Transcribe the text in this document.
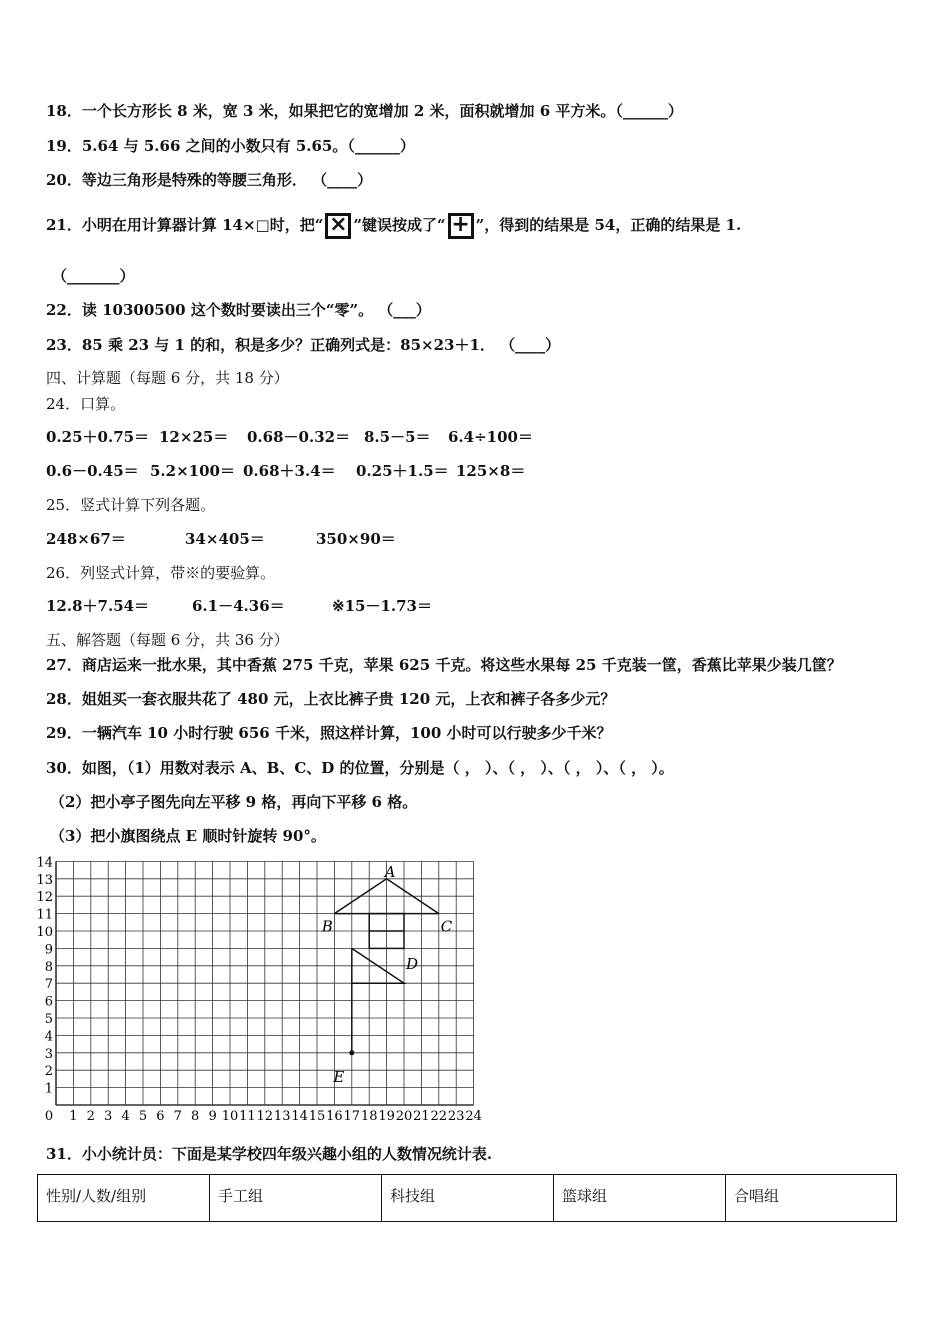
18．一个长方形长 8 米，宽 3 米，如果把它的宽增加 2 米，面积就增加 6 平方米。（______）
19．5.64 与 5.66 之间的小数只有 5.65。（______）
20．等边三角形是特殊的等腰三角形． （____）
21．小明在用计算器计算 14×□时，把“ × ”键误按成了“ + ”，得到的结果是 54，正确的结果是 1.
（_______）
22．读 10300500 这个数时要读出三个“零”。 （___）
23．85 乘 23 与 1 的和，积是多少？正确列式是：85×23＋1． （____）
四、计算题（每题 6 分，共 18 分）
24．口算。
0.25＋0.75＝ 12×25＝ 0.68－0.32＝ 8.5－5＝ 6.4÷100＝
0.6－0.45＝ 5.2×100＝ 0.68＋3.4＝ 0.25＋1.5＝ 125×8＝
25．竖式计算下列各题。
248×67＝	34×405＝	350×90＝
26．列竖式计算，带※的要验算。
12.8＋7.54＝	6.1－4.36＝	※15－1.73＝
五、解答题（每题 6 分，共 36 分）
27．商店运来一批水果，其中香蕉 275 千克，苹果 625 千克。将这些水果每 25 千克装一筐，香蕉比苹果少装几筐？
28．姐姐买一套衣服共花了 480 元，上衣比裤子贵 120 元，上衣和裤子各多少元？
29．一辆汽车 10 小时行驶 656 千米，照这样计算，100 小时可以行驶多少千米？
30．如图，（1）用数对表示 A、B、C、D 的位置，分别是（ ， ）、（ ， ）、（ ， ）、（ ， ）。
（2）把小亭子图先向左平移 9 格，再向下平移 6 格。
（3）把小旗图绕点 E 顺时针旋转 90°。
0 1 2 3 4 5 6 7 8 9 10 11 12 13 14 15 16 17 18 19 20 21 22 23 24
1
2
3
4
5
6
7
8
9
10
11
12
13
14	A
B	C
D
E
31．小小统计员：下面是某学校四年级兴趣小组的人数情况统计表.
性别/人数/组别	手工组	科技组	篮球组	合唱组
